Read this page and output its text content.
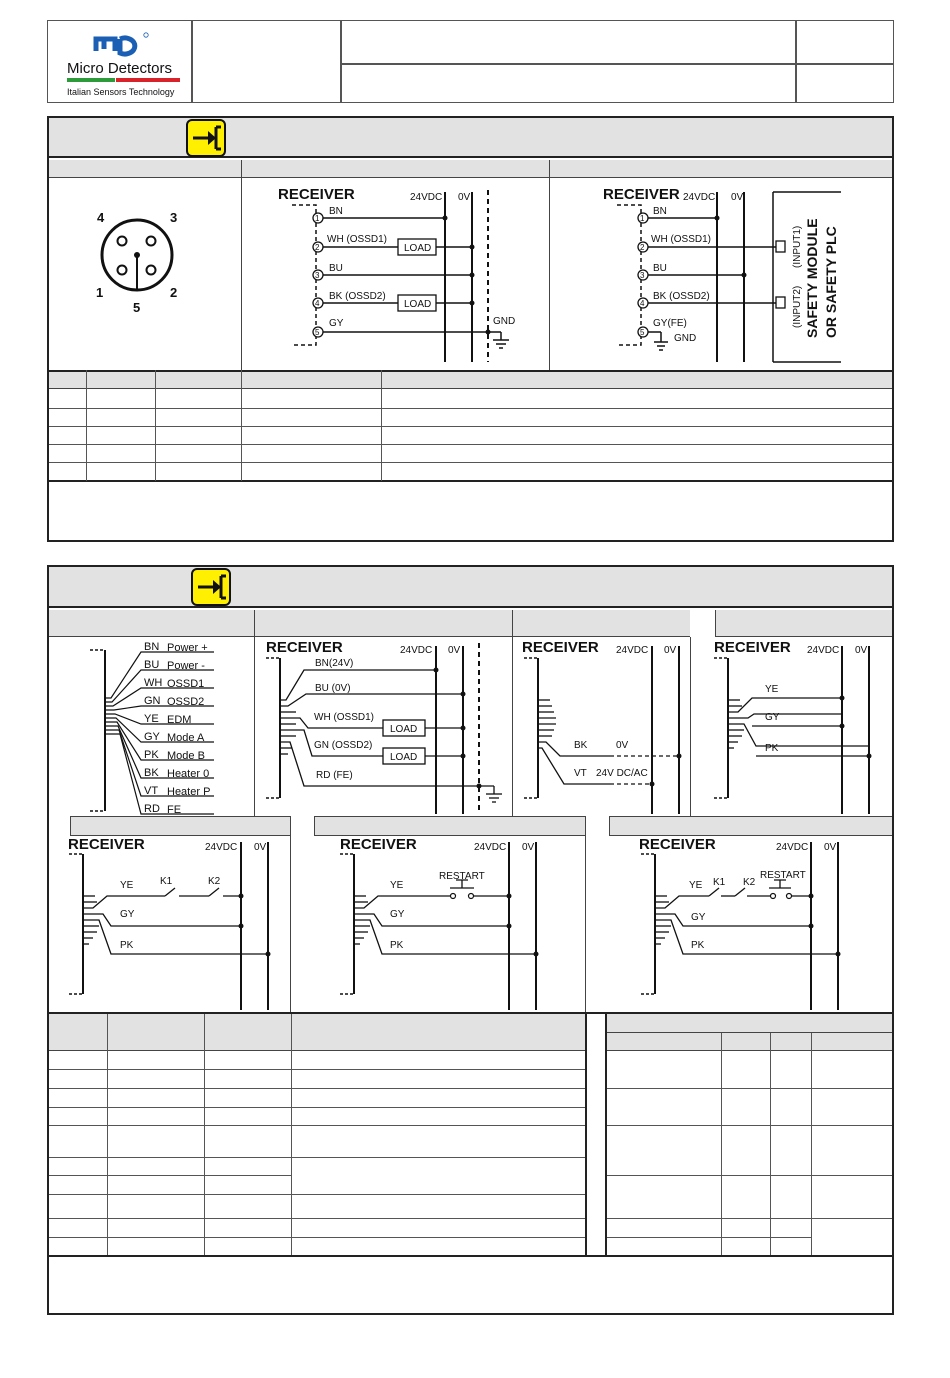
Micro Detectors
Italian Sensors Technology
4	3
1	2
5
RECEIVER	24VDC 0V
1
2
3
4
5
BN
WH (OSSD1)
BU
BK (OSSD2)
GY
LOAD
LOAD
GND
RECEIVER 24VDC 0V
1
2
3
4
5
BN
WH (OSSD1)
BU
BK (OSSD2)
GY(FE)
GND
(INPUT1)
(INPUT2) SAFETY MODULE OR SAFETY PLC
BN Power +
BU Power -
WH OSSD1
GN OSSD2
YE EDM
GY Mode A
PK Mode B
BK Heater 0
VT Heater P
RD FE
RECEIVER	24VDC 0V
LOAD
LOAD
BN(24V)
BU (0V)
WH (OSSD1)
GN (OSSD2)
RD (FE)
RECEIVER 24VDC 0V
BK	0V
VT 24V DC/AC
RECEIVER 24VDC 0V
YE
GY
PK
RECEIVER	24VDC 0V
YE
GY
PK
K1	K2
RECEIVER	24VDC 0V
YE
GY
PK
RESTART
RECEIVER	24VDC 0V
YE
GY
PK
K1 K2
RESTART
